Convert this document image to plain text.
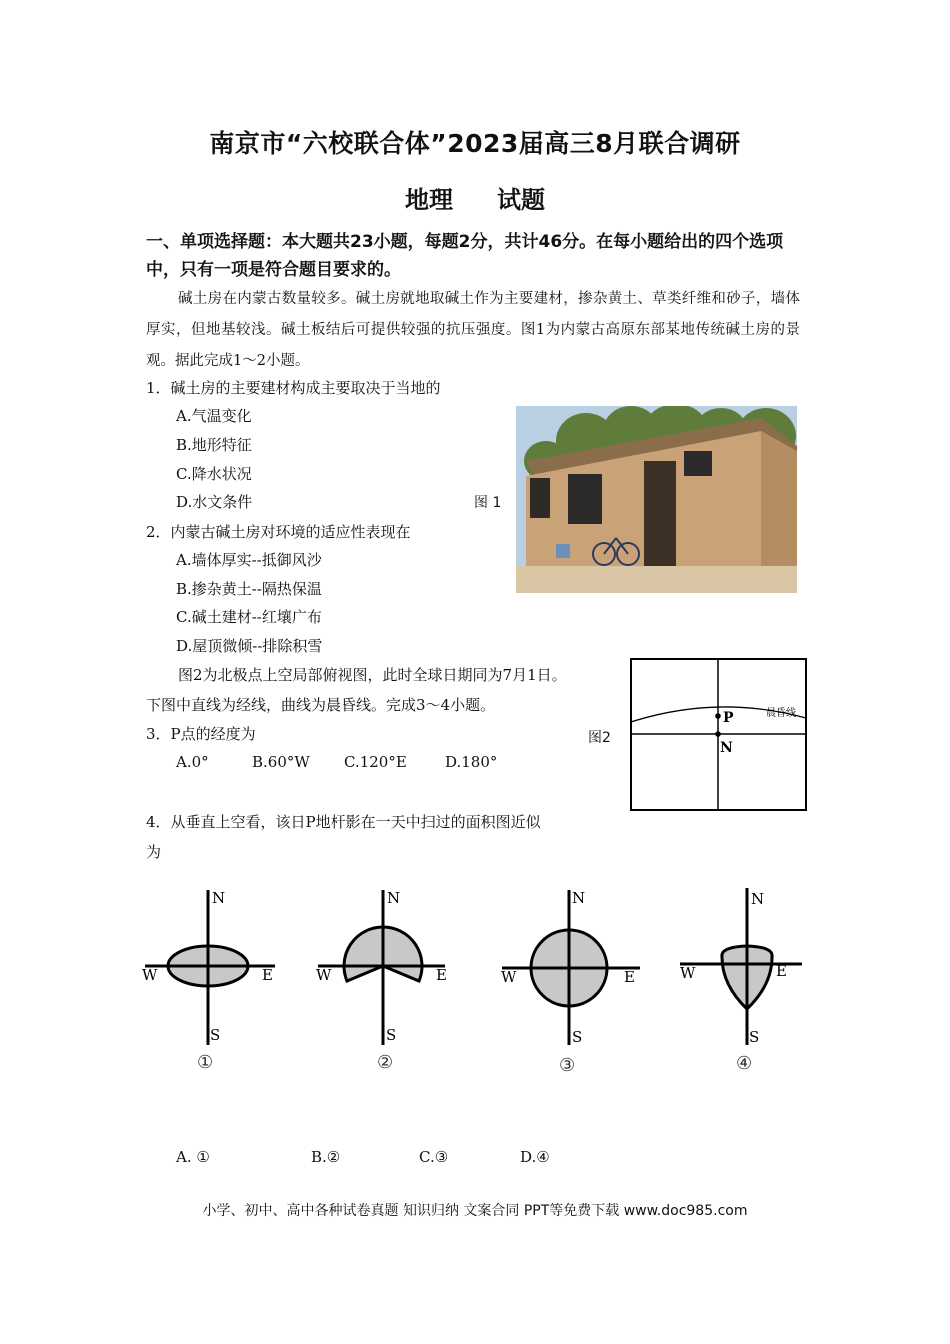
南京市“六校联合体”2023届高三8月联合调研
地理 试题
一、单项选择题：本大题共23小题，每题2分，共计46分。在每小题给出的四个选项中，只有一项是符合题目要求的。
碱土房在内蒙古数量较多。碱土房就地取碱土作为主要建材，掺杂黄土、草类纤维和砂子，墙体厚实，但地基较浅。碱土板结后可提供较强的抗压强度。图1为内蒙古高原东部某地传统碱土房的景观。据此完成1～2小题。
1．碱土房的主要建材构成主要取决于当地的
A.气温变化
B.地形特征
C.降水状况
D.水文条件	图 1
2．内蒙古碱土房对环境的适应性表现在
A.墙体厚实--抵御风沙
B.掺杂黄土--隔热保温
C.碱土建材--红壤广布
D.屋顶微倾--排除积雪
图2为北极点上空局部俯视图，此时全球日期同为7月1日。
下图中直线为经线，曲线为晨昏线。完成3～4小题。
3．P点的经度为
A.0°	B.60°W C.120°E	D.180°
图2
P
N
晨昏线
4．从垂直上空看，该日P地杆影在一天中扫过的面积图近似
为
N
W	E
S
N
W	E
S
N
W	E
S
N
W	E
S
①	②	③	④
A. ①	B.②	C.③	D.④
小学、初中、高中各种试卷真题 知识归纳 文案合同 PPT等免费下载 www.doc985.com
